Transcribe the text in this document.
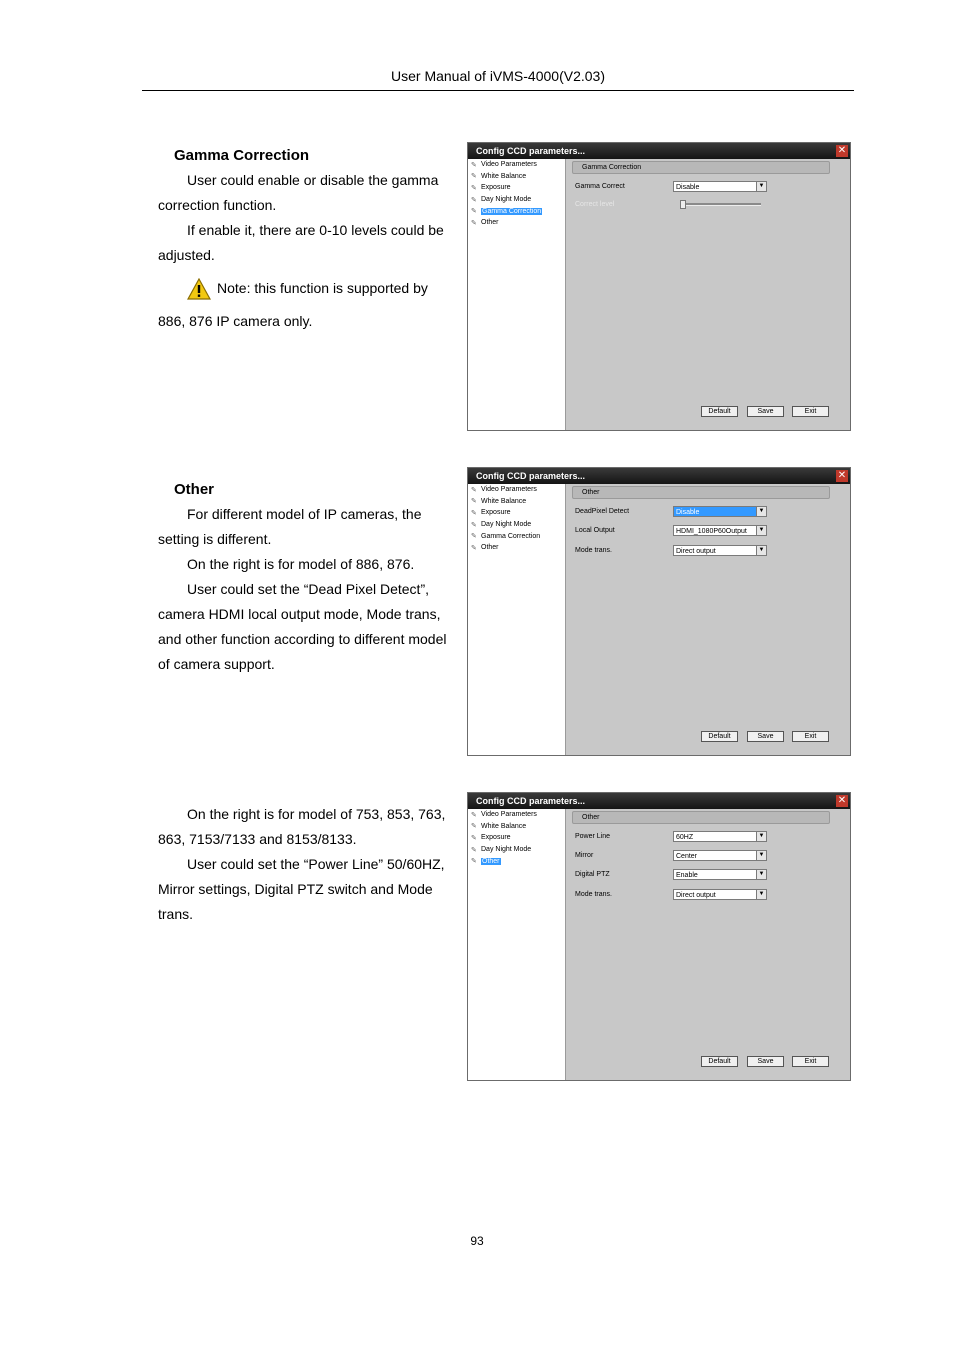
User Manual of iVMS-4000(V2.03)
Gamma Correction

User could enable or disable the gamma correction function.

If enable it, there are 0-10 levels could be adjusted.

Note: this function is supported by

886, 876 IP camera only.

Config CCD parameters...	✕
✎ Video Parameters
✎ White Balance
✎ Exposure
✎ Day Night Mode
✎ Gamma Correction
✎ Other
Gamma Correction
Gamma Correct	Disable	▼
Correct level
Default	Save	Exit
Other

For different model of IP cameras, the setting is different.

On the right is for model of 886, 876.

User could set the “Dead Pixel Detect”, camera HDMI local output mode, Mode trans, and other function according to different model of camera support.

Config CCD parameters...	✕
✎ Video Parameters
✎ White Balance
✎ Exposure
✎ Day Night Mode
✎ Gamma Correction
✎ Other
Other
DeadPixel Detect	Disable	▼
Local Output	HDMI_1080P60Output	▼
Mode trans.	Direct output	▼
Default	Save	Exit

On the right is for model of 753, 853, 763, 863, 7153/7133 and 8153/8133.

User could set the “Power Line” 50/60HZ, Mirror settings, Digital PTZ switch and Mode trans.

Config CCD parameters...	✕
✎ Video Parameters
✎ White Balance
✎ Exposure
✎ Day Night Mode
✎ Other
Other
Power Line	60HZ	▼
Mirror	Center	▼
Digital PTZ	Enable	▼
Mode trans.	Direct output	▼
Default	Save	Exit
93
